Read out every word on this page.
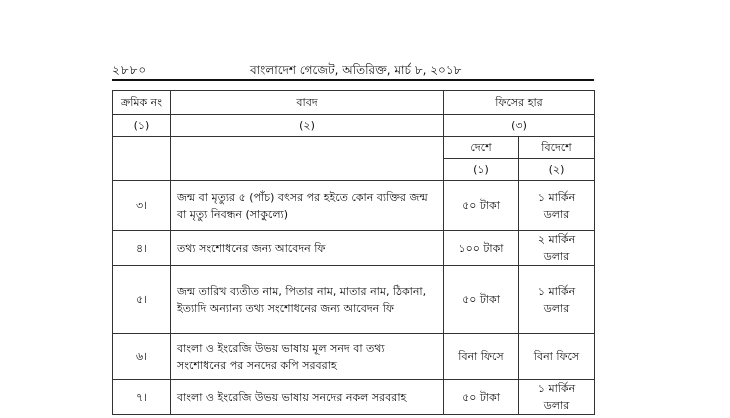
২৮৮০	বাংলাদেশ গেজেট, অতিরিক্ত, মার্চ ৮, ২০১৮
ক্রমিক নং	বাবদ	ফিসের হার	
(১)	(২)	(৩)	
		দেশে	বিদেশে
		(১)	(২)
৩।	জন্ম বা মৃত্যুর ৫ (পাঁচ) বৎসর পর হইতে কোন ব্যক্তির জন্ম বা মৃত্যু নিবন্ধন (সাকুল্যে)	৫০ টাকা	১ মার্কিন ডলার
৪।	তথ্য সংশোধনের জন্য আবেদন ফি	১০০ টাকা	২ মার্কিন ডলার
৫।	জন্ম তারিখ ব্যতীত নাম, পিতার নাম, মাতার নাম, ঠিকানা, ইত্যাদি অন্যান্য তথ্য সংশোধনের জন্য আবেদন ফি	৫০ টাকা	১ মার্কিন ডলার
৬।	বাংলা ও ইংরেজি উভয় ভাষায় মূল সনদ বা তথ্য সংশোধনের পর সনদের কপি সরবরাহ	বিনা ফিসে	বিনা ফিসে
৭।	বাংলা ও ইংরেজি উভয় ভাষায় সনদের নকল সরবরাহ	৫০ টাকা	১ মার্কিন ডলার
